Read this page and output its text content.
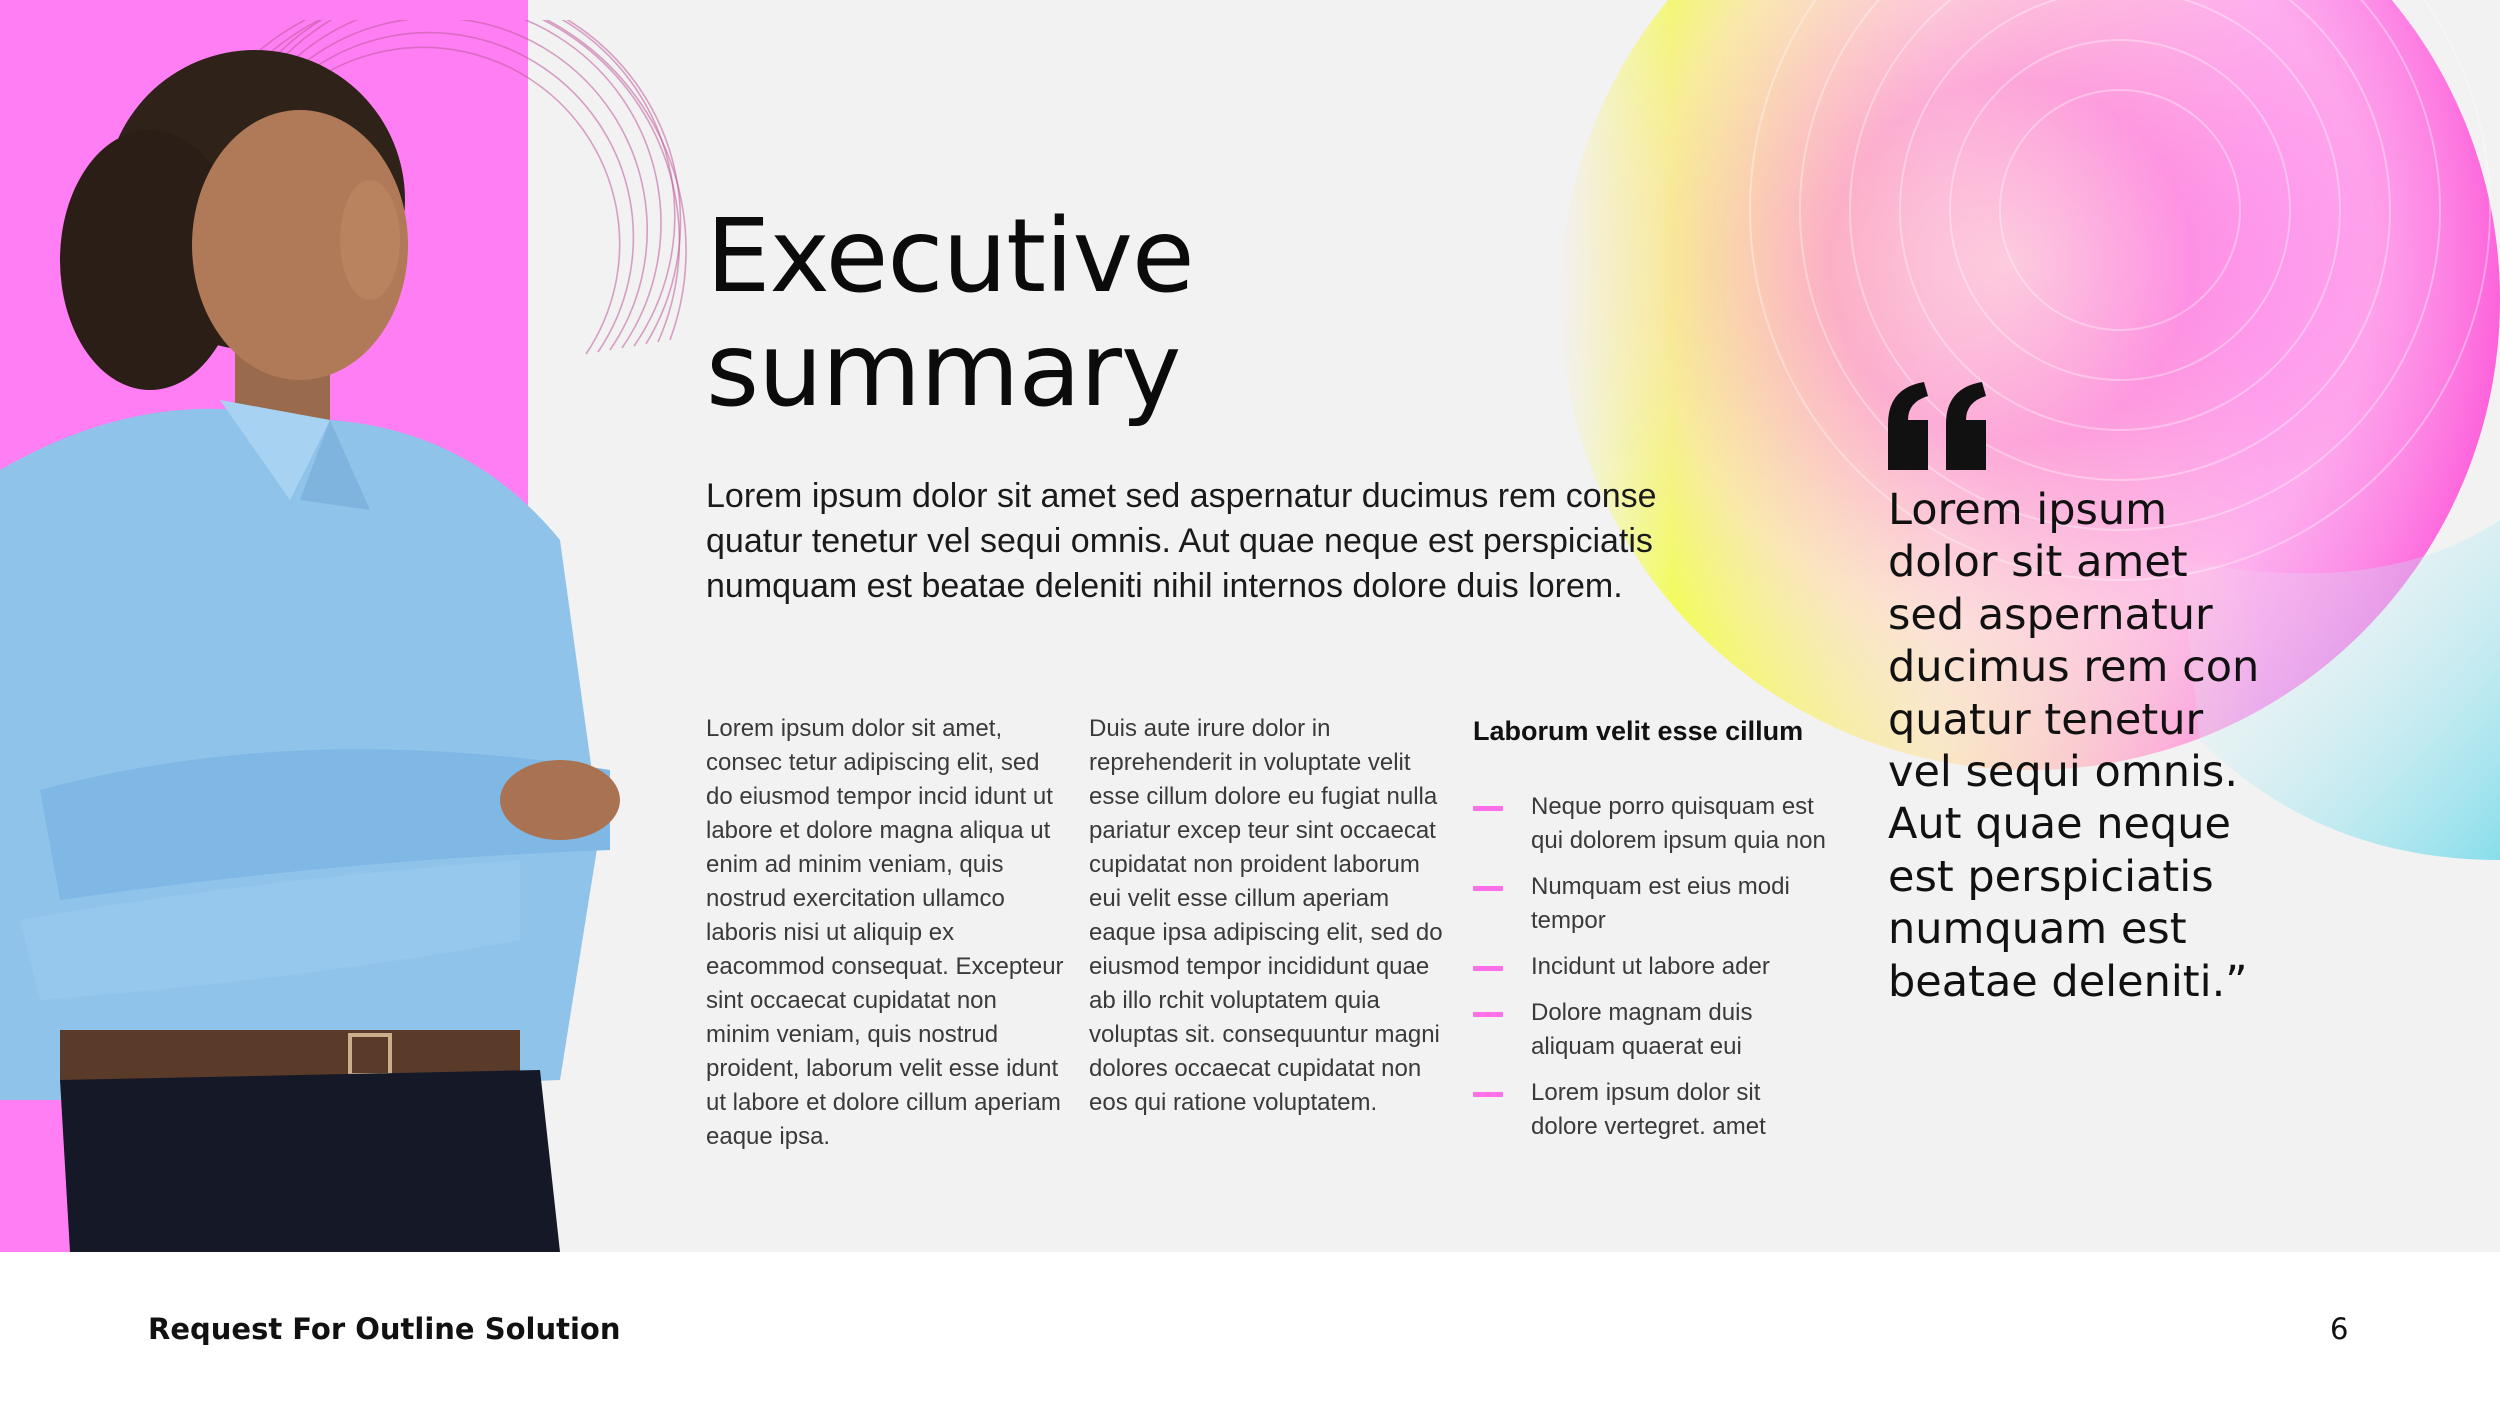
Executive
summary

Lorem ipsum dolor sit amet sed aspernatur ducimus rem conse quatur tenetur vel sequi omnis. Aut quae neque est perspiciatis numquam est beatae deleniti nihil internos dolore duis lorem.

Lorem ipsum dolor sit amet, consec tetur adipiscing elit, sed do eiusmod tempor incid idunt ut labore et dolore magna aliqua ut enim ad minim veniam, quis nostrud exercitation ullamco laboris nisi ut aliquip ex eacommod consequat. Excepteur sint occaecat cupidatat non minim veniam, quis nostrud proident, laborum velit esse idunt ut labore et dolore cillum aperiam eaque ipsa.

Duis aute irure dolor in reprehenderit in voluptate velit esse cillum dolore eu fugiat nulla pariatur excep teur sint occaecat cupidatat non proident laborum eui velit esse cillum aperiam eaque ipsa adipiscing elit, sed do eiusmod tempor incididunt quae ab illo rchit voluptatem quia voluptas sit. consequuntur magni dolores occaecat cupidatat non eos qui ratione voluptatem.

Laborum velit esse cillum
Neque porro quisquam est qui dolorem ipsum quia non
Numquam est eius modi tempor
Incidunt ut labore ader
Dolore magnam duis aliquam quaerat eui
Lorem ipsum dolor sit dolore vertegret. amet

Lorem ipsum
dolor sit amet
sed aspernatur
ducimus rem con
quatur tenetur
vel sequi omnis.
Aut quae neque
est perspiciatis
numquam est
beatae deleniti.”

Request For Outline Solution	6
